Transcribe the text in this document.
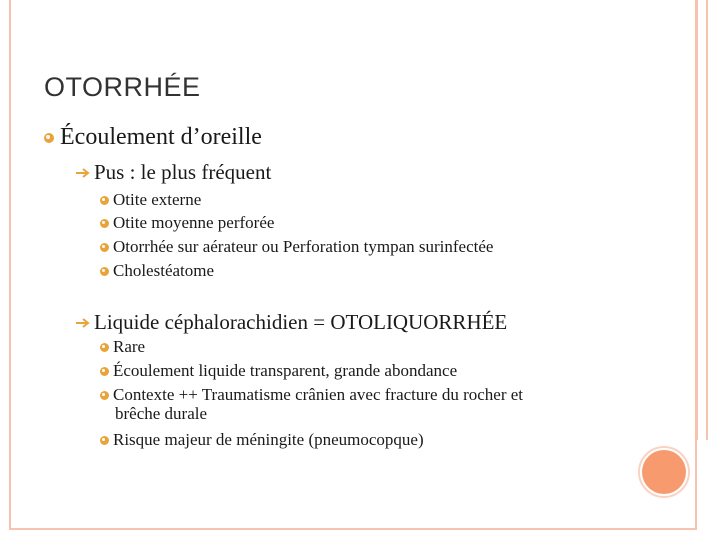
OTORRHÉE
Écoulement d’oreille
Pus : le plus fréquent
Otite externe
Otite moyenne perforée
Otorrhée sur aérateur ou Perforation tympan surinfectée
Cholestéatome
Liquide céphalorachidien = OTOLIQUORRHÉE
Rare
Écoulement liquide transparent, grande abondance
Contexte ++ Traumatisme crânien avec fracture du rocher et
brêche durale
Risque majeur de méningite (pneumocopque)
